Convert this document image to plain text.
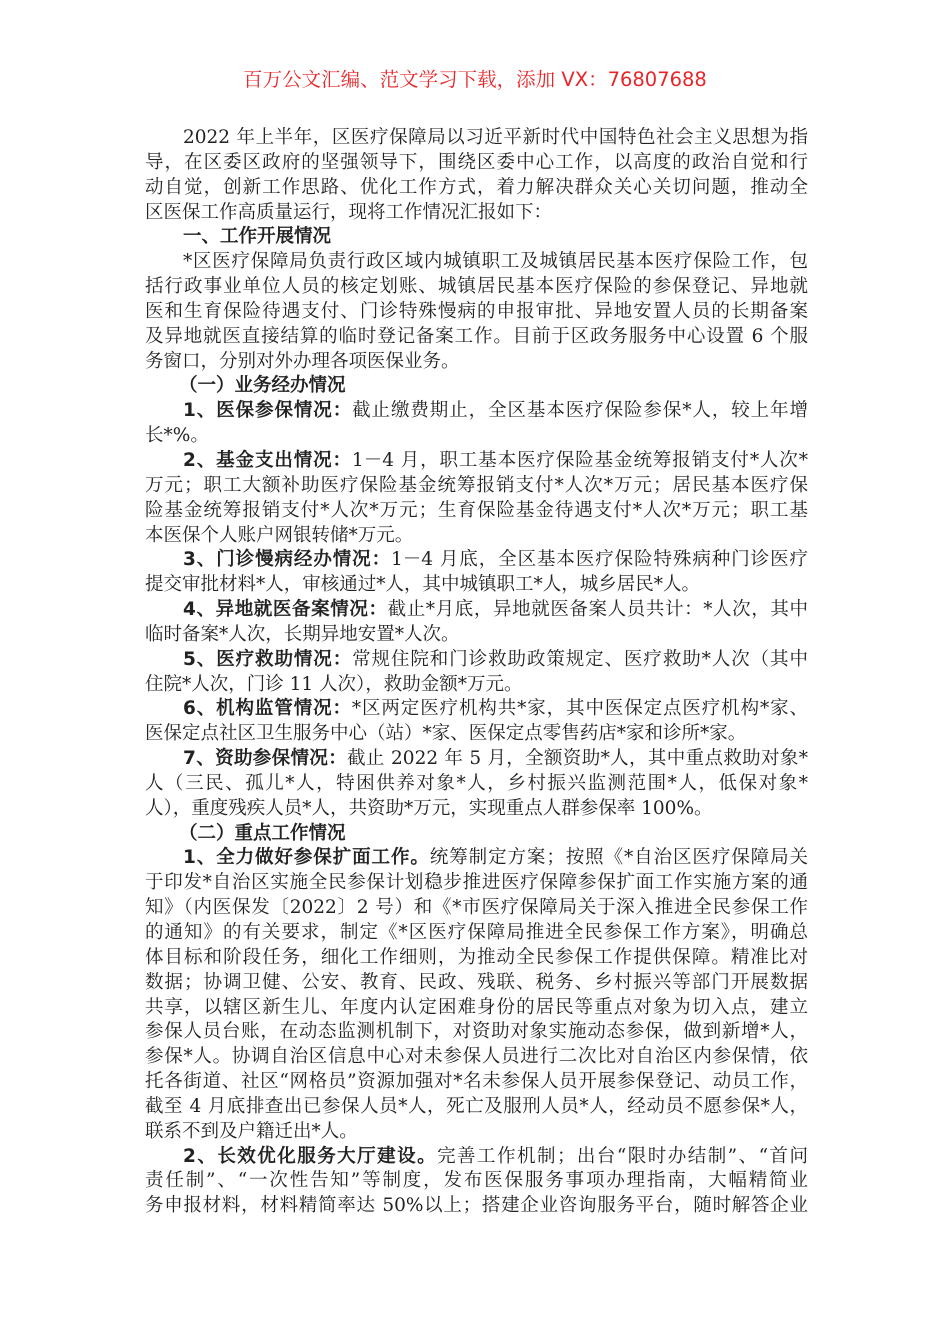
百万公文汇编、范文学习下载，添加 VX：76807688
2022 年上半年，区医疗保障局以习近平新时代中国特色社会主义思想为指
导，在区委区政府的坚强领导下，围绕区委中心工作，以高度的政治自觉和行
动自觉，创新工作思路、优化工作方式，着力解决群众关心关切问题，推动全
区医保工作高质量运行，现将工作情况汇报如下：
一、工作开展情况
*区医疗保障局负责行政区域内城镇职工及城镇居民基本医疗保险工作，包
括行政事业单位人员的核定划账、城镇居民基本医疗保险的参保登记、异地就
医和生育保险待遇支付、门诊特殊慢病的申报审批、异地安置人员的长期备案
及异地就医直接结算的临时登记备案工作。目前于区政务服务中心设置 6 个服
务窗口，分别对外办理各项医保业务。
（一）业务经办情况
1、医保参保情况：截止缴费期止，全区基本医疗保险参保*人，较上年增
长*%。
2、基金支出情况：1－4 月，职工基本医疗保险基金统筹报销支付*人次*
万元；职工大额补助医疗保险基金统筹报销支付*人次*万元；居民基本医疗保
险基金统筹报销支付*人次*万元；生育保险基金待遇支付*人次*万元；职工基
本医保个人账户网银转储*万元。
3、门诊慢病经办情况：1－4 月底，全区基本医疗保险特殊病种门诊医疗
提交审批材料*人，审核通过*人，其中城镇职工*人，城乡居民*人。
4、异地就医备案情况：截止*月底，异地就医备案人员共计：*人次，其中
临时备案*人次，长期异地安置*人次。
5、医疗救助情况：常规住院和门诊救助政策规定、医疗救助*人次（其中
住院*人次，门诊 11 人次），救助金额*万元。
6、机构监管情况：*区两定医疗机构共*家，其中医保定点医疗机构*家、
医保定点社区卫生服务中心（站）*家、医保定点零售药店*家和诊所*家。
7、资助参保情况：截止 2022 年 5 月，全额资助*人，其中重点救助对象*
人（三民、孤儿*人，特困供养对象*人，乡村振兴监测范围*人，低保对象*
人），重度残疾人员*人，共资助*万元，实现重点人群参保率 100%。
（二）重点工作情况
1、全力做好参保扩面工作。统筹制定方案；按照《*自治区医疗保障局关
于印发*自治区实施全民参保计划稳步推进医疗保障参保扩面工作实施方案的通
知》（内医保发〔2022〕2 号）和《*市医疗保障局关于深入推进全民参保工作
的通知》的有关要求，制定《*区医疗保障局推进全民参保工作方案》，明确总
体目标和阶段任务，细化工作细则，为推动全民参保工作提供保障。精准比对
数据；协调卫健、公安、教育、民政、残联、税务、乡村振兴等部门开展数据
共享，以辖区新生儿、年度内认定困难身份的居民等重点对象为切入点，建立
参保人员台账，在动态监测机制下，对资助对象实施动态参保，做到新增*人，
参保*人。协调自治区信息中心对未参保人员进行二次比对自治区内参保情，依
托各街道、社区“网格员”资源加强对*名未参保人员开展参保登记、动员工作，
截至 4 月底排查出已参保人员*人，死亡及服刑人员*人，经动员不愿参保*人，
联系不到及户籍迁出*人。
2、长效优化服务大厅建设。完善工作机制；出台“限时办结制”、“首问
责任制”、“一次性告知”等制度，发布医保服务事项办理指南，大幅精简业
务申报材料，材料精简率达 50%以上；搭建企业咨询服务平台，随时解答企业
